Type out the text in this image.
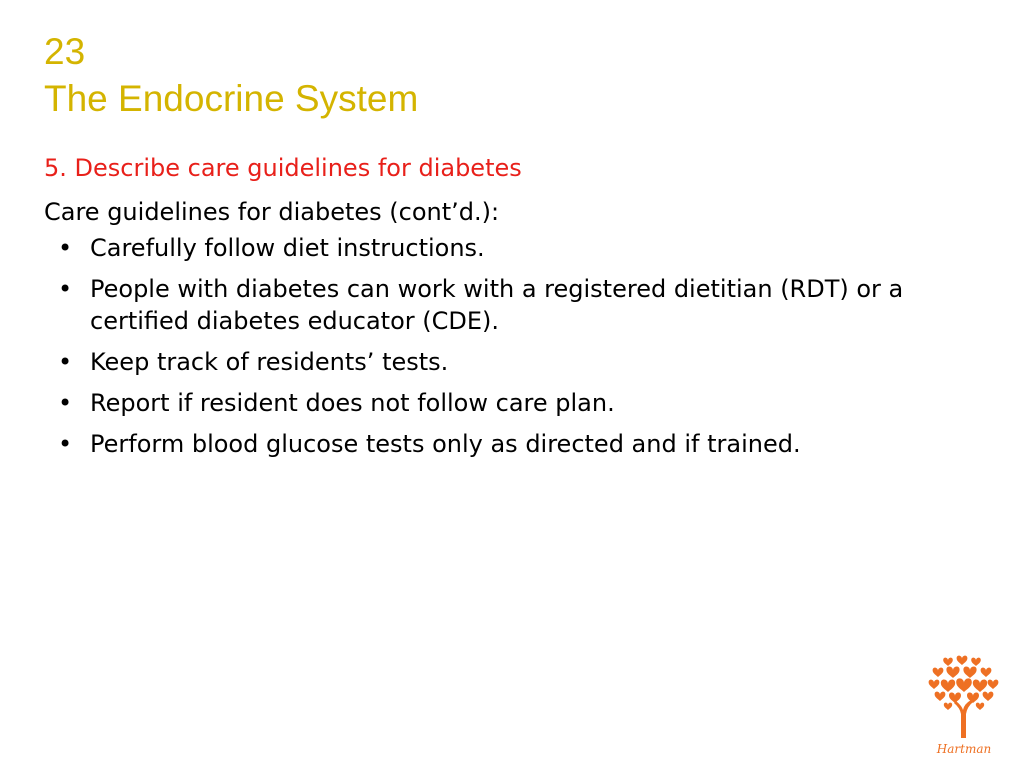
23
The Endocrine System
5. Describe care guidelines for diabetes

Care guidelines for diabetes (cont’d.):

• Carefully follow diet instructions.
• People with diabetes can work with a registered dietitian (RDT) or a certified diabetes educator (CDE).
• Keep track of residents’ tests.
• Report if resident does not follow care plan.
• Perform blood glucose tests only as directed and if trained.
Hartman
